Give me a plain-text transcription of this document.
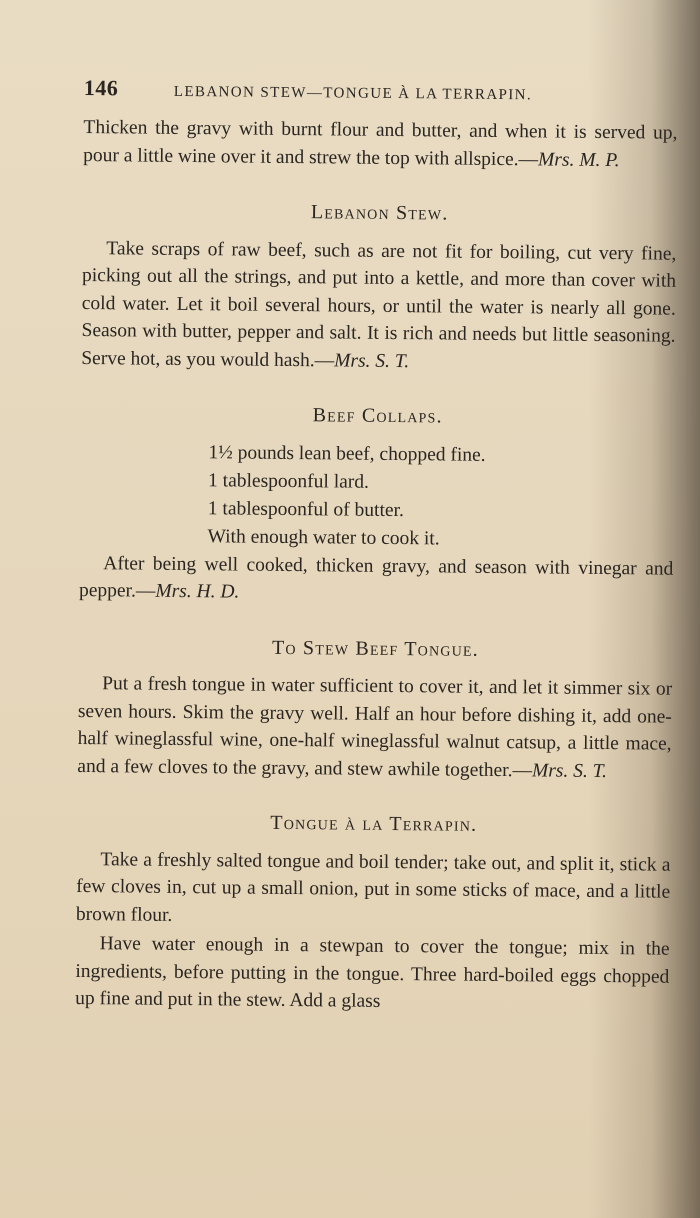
146	LEBANON STEW—TONGUE À LA TERRAPIN.

Thicken the gravy with burnt flour and butter, and when it is served up, pour a little wine over it and strew the top with allspice.—Mrs. M. P.

Lebanon Stew.

Take scraps of raw beef, such as are not fit for boiling, cut very fine, picking out all the strings, and put into a kettle, and more than cover with cold water. Let it boil several hours, or until the water is nearly all gone. Season with butter, pepper and salt. It is rich and needs but little seasoning. Serve hot, as you would hash.—Mrs. S. T.

Beef Collaps.
1½ pounds lean beef, chopped fine.
1 tablespoonful lard.
1 tablespoonful of butter.
With enough water to cook it.

After being well cooked, thicken gravy, and season with vinegar and pepper.—Mrs. H. D.

To Stew Beef Tongue.

Put a fresh tongue in water sufficient to cover it, and let it simmer six or seven hours. Skim the gravy well. Half an hour before dishing it, add one-half wineglassful wine, one-half wineglassful walnut catsup, a little mace, and a few cloves to the gravy, and stew awhile together.—Mrs. S. T.

Tongue à la Terrapin.

Take a freshly salted tongue and boil tender; take out, and split it, stick a few cloves in, cut up a small onion, put in some sticks of mace, and a little brown flour.

Have water enough in a stewpan to cover the tongue; mix in the ingredients, before putting in the tongue. Three hard-boiled eggs chopped up fine and put in the stew. Add a glass
